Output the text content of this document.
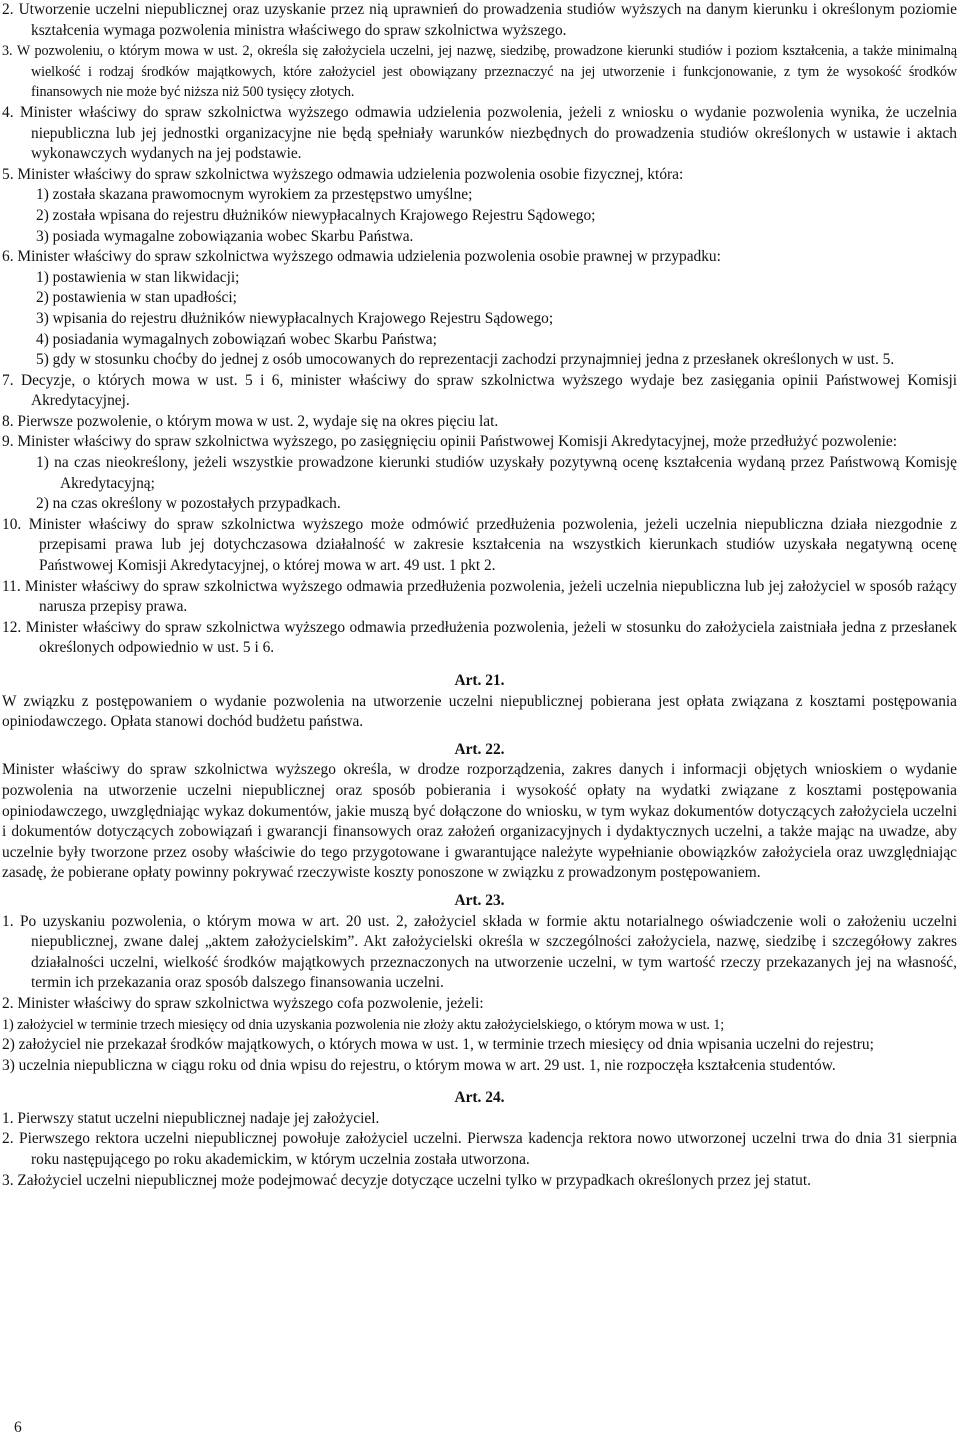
2. Utworzenie uczelni niepublicznej oraz uzyskanie przez nią uprawnień do prowadzenia studiów wyższych na danym kierunku i określonym poziomie kształcenia wymaga pozwolenia ministra właściwego do spraw szkolnictwa wyższego.

3. W pozwoleniu, o którym mowa w ust. 2, określa się założyciela uczelni, jej nazwę, siedzibę, prowadzone kierunki studiów i poziom kształcenia, a także minimalną wielkość i rodzaj środków majątkowych, które założyciel jest obowiązany przeznaczyć na jej utworzenie i funkcjonowanie, z tym że wysokość środków finansowych nie może być niższa niż 500 tysięcy złotych.

4. Minister właściwy do spraw szkolnictwa wyższego odmawia udzielenia pozwolenia, jeżeli z wniosku o wydanie pozwolenia wynika, że uczelnia niepubliczna lub jej jednostki organizacyjne nie będą spełniały warunków niezbędnych do prowadzenia studiów określonych w ustawie i aktach wykonawczych wydanych na jej podstawie.

5. Minister właściwy do spraw szkolnictwa wyższego odmawia udzielenia pozwolenia osobie fizycznej, która:

1) została skazana prawomocnym wyrokiem za przestępstwo umyślne;

2) została wpisana do rejestru dłużników niewypłacalnych Krajowego Rejestru Sądowego;

3) posiada wymagalne zobowiązania wobec Skarbu Państwa.

6. Minister właściwy do spraw szkolnictwa wyższego odmawia udzielenia pozwolenia osobie prawnej w przypadku:

1) postawienia w stan likwidacji;

2) postawienia w stan upadłości;

3) wpisania do rejestru dłużników niewypłacalnych Krajowego Rejestru Sądowego;

4) posiadania wymagalnych zobowiązań wobec Skarbu Państwa;

5) gdy w stosunku choćby do jednej z osób umocowanych do reprezentacji zachodzi przynajmniej jedna z przesłanek określonych w ust. 5.

7. Decyzje, o których mowa w ust. 5 i 6, minister właściwy do spraw szkolnictwa wyższego wydaje bez zasięgania opinii Państwowej Komisji Akredytacyjnej.

8. Pierwsze pozwolenie, o którym mowa w ust. 2, wydaje się na okres pięciu lat.

9. Minister właściwy do spraw szkolnictwa wyższego, po zasięgnięciu opinii Państwowej Komisji Akredytacyjnej, może przedłużyć pozwolenie:

1) na czas nieokreślony, jeżeli wszystkie prowadzone kierunki studiów uzyskały pozytywną ocenę kształcenia wydaną przez Państwową Komisję Akredytacyjną;

2) na czas określony w pozostałych przypadkach.

10. Minister właściwy do spraw szkolnictwa wyższego może odmówić przedłużenia pozwolenia, jeżeli uczelnia niepubliczna działa niezgodnie z przepisami prawa lub jej dotychczasowa działalność w zakresie kształcenia na wszystkich kierunkach studiów uzyskała negatywną ocenę Państwowej Komisji Akredytacyjnej, o której mowa w art. 49 ust. 1 pkt 2.

11. Minister właściwy do spraw szkolnictwa wyższego odmawia przedłużenia pozwolenia, jeżeli uczelnia niepubliczna lub jej założyciel w sposób rażący narusza przepisy prawa.

12. Minister właściwy do spraw szkolnictwa wyższego odmawia przedłużenia pozwolenia, jeżeli w stosunku do założyciela zaistniała jedna z przesłanek określonych odpowiednio w ust. 5 i 6.

Art. 21.

W związku z postępowaniem o wydanie pozwolenia na utworzenie uczelni niepublicznej pobierana jest opłata związana z kosztami postępowania opiniodawczego. Opłata stanowi dochód budżetu państwa.

Art. 22.

Minister właściwy do spraw szkolnictwa wyższego określa, w drodze rozporządzenia, zakres danych i informacji objętych wnioskiem o wydanie pozwolenia na utworzenie uczelni niepublicznej oraz sposób pobierania i wysokość opłaty na wydatki związane z kosztami postępowania opiniodawczego, uwzględniając wykaz dokumentów, jakie muszą być dołączone do wniosku, w tym wykaz dokumentów dotyczących założyciela uczelni i dokumentów dotyczących zobowiązań i gwarancji finansowych oraz założeń organizacyjnych i dydaktycznych uczelni, a także mając na uwadze, aby uczelnie były tworzone przez osoby właściwie do tego przygotowane i gwarantujące należyte wypełnianie obowiązków założyciela oraz uwzględniając zasadę, że pobierane opłaty powinny pokrywać rzeczywiste koszty ponoszone w związku z prowadzonym postępowaniem.

Art. 23.

1. Po uzyskaniu pozwolenia, o którym mowa w art. 20 ust. 2, założyciel składa w formie aktu notarialnego oświadczenie woli o założeniu uczelni niepublicznej, zwane dalej „aktem założycielskim”. Akt założycielski określa w szczególności założyciela, nazwę, siedzibę i szczegółowy zakres działalności uczelni, wielkość środków majątkowych przeznaczonych na utworzenie uczelni, w tym wartość rzeczy przekazanych jej na własność, termin ich przekazania oraz sposób dalszego finansowania uczelni.

2. Minister właściwy do spraw szkolnictwa wyższego cofa pozwolenie, jeżeli:

1) założyciel w terminie trzech miesięcy od dnia uzyskania pozwolenia nie złoży aktu założycielskiego, o którym mowa w ust. 1;

2) założyciel nie przekazał środków majątkowych, o których mowa w ust. 1, w terminie trzech miesięcy od dnia wpisania uczelni do rejestru;

3) uczelnia niepubliczna w ciągu roku od dnia wpisu do rejestru, o którym mowa w art. 29 ust. 1, nie rozpoczęła kształcenia studentów.

Art. 24.

1. Pierwszy statut uczelni niepublicznej nadaje jej założyciel.

2. Pierwszego rektora uczelni niepublicznej powołuje założyciel uczelni. Pierwsza kadencja rektora nowo utworzonej uczelni trwa do dnia 31 sierpnia roku następującego po roku akademickim, w którym uczelnia została utworzona.

3. Założyciel uczelni niepublicznej może podejmować decyzje dotyczące uczelni tylko w przypadkach określonych przez jej statut.

6
